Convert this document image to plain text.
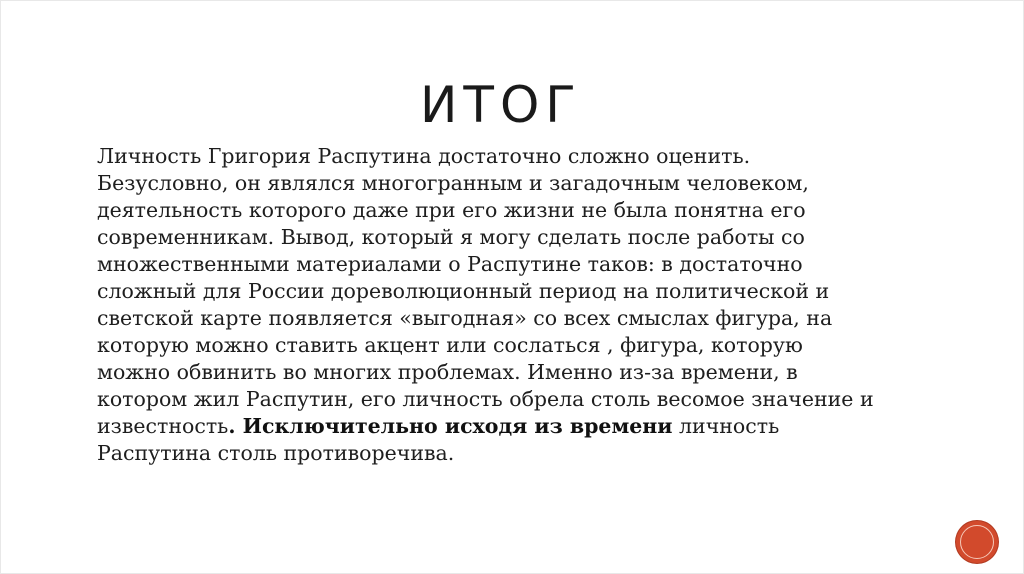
ИТОГ
Личность Григория Распутина достаточно сложно оценить.
Безусловно, он являлся многогранным и загадочным человеком,
деятельность которого даже при его жизни не была понятна его
современникам. Вывод, который я могу сделать после работы со
множественными материалами о Распутине таков: в достаточно
сложный для России дореволюционный период на политической и
светской карте появляется «выгодная» со всех смыслах фигура, на
которую можно ставить акцент или сослаться , фигура, которую
можно обвинить во многих проблемах. Именно из-за времени, в
котором жил Распутин, его личность обрела столь весомое значение и
известность. Исключительно исходя из времени личность
Распутина столь противоречива.
